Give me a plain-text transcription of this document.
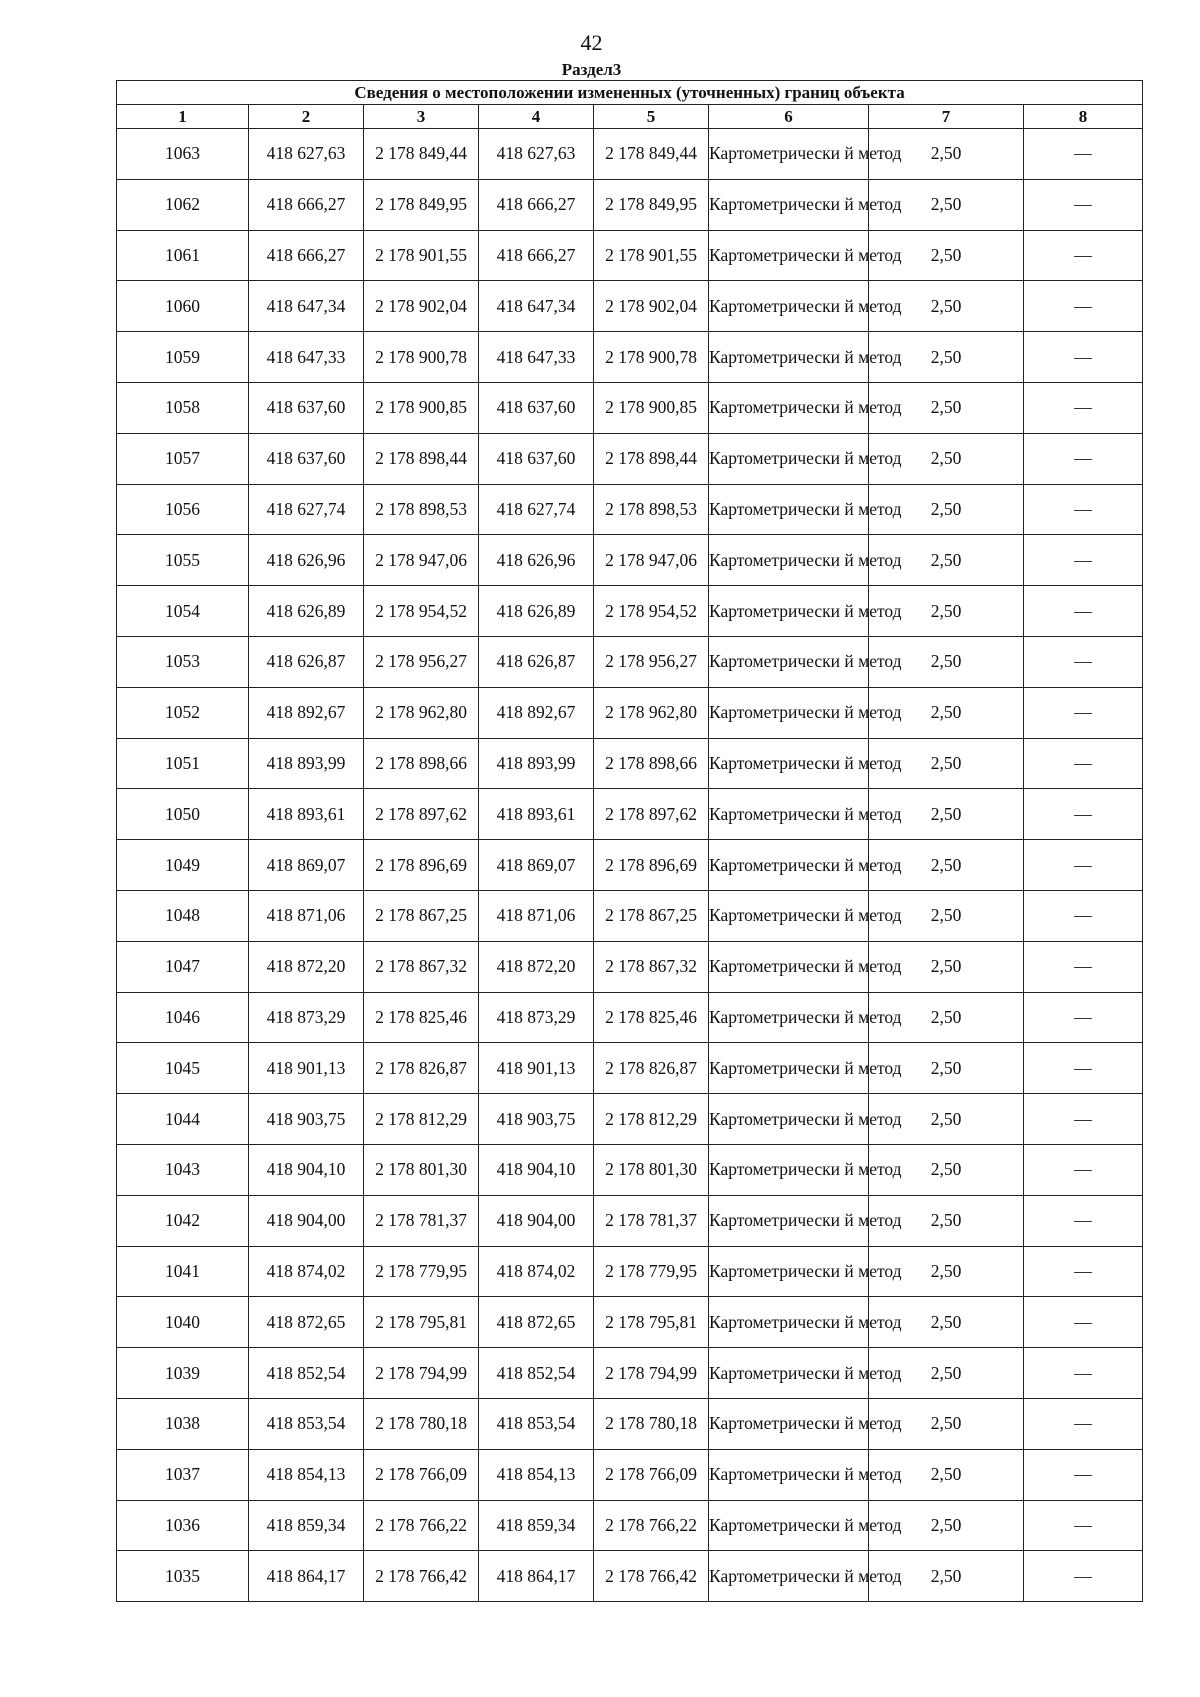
42
Раздел3
Сведения о местоположении измененных (уточненных) границ объекта							
1	2	3	4	5	6	7	8
1063	418 627,63	2 178 849,44	418 627,63	2 178 849,44	Картометрически й метод	2,50	—
1062	418 666,27	2 178 849,95	418 666,27	2 178 849,95	Картометрически й метод	2,50	—
1061	418 666,27	2 178 901,55	418 666,27	2 178 901,55	Картометрически й метод	2,50	—
1060	418 647,34	2 178 902,04	418 647,34	2 178 902,04	Картометрически й метод	2,50	—
1059	418 647,33	2 178 900,78	418 647,33	2 178 900,78	Картометрически й метод	2,50	—
1058	418 637,60	2 178 900,85	418 637,60	2 178 900,85	Картометрически й метод	2,50	—
1057	418 637,60	2 178 898,44	418 637,60	2 178 898,44	Картометрически й метод	2,50	—
1056	418 627,74	2 178 898,53	418 627,74	2 178 898,53	Картометрически й метод	2,50	—
1055	418 626,96	2 178 947,06	418 626,96	2 178 947,06	Картометрически й метод	2,50	—
1054	418 626,89	2 178 954,52	418 626,89	2 178 954,52	Картометрически й метод	2,50	—
1053	418 626,87	2 178 956,27	418 626,87	2 178 956,27	Картометрически й метод	2,50	—
1052	418 892,67	2 178 962,80	418 892,67	2 178 962,80	Картометрически й метод	2,50	—
1051	418 893,99	2 178 898,66	418 893,99	2 178 898,66	Картометрически й метод	2,50	—
1050	418 893,61	2 178 897,62	418 893,61	2 178 897,62	Картометрически й метод	2,50	—
1049	418 869,07	2 178 896,69	418 869,07	2 178 896,69	Картометрически й метод	2,50	—
1048	418 871,06	2 178 867,25	418 871,06	2 178 867,25	Картометрически й метод	2,50	—
1047	418 872,20	2 178 867,32	418 872,20	2 178 867,32	Картометрически й метод	2,50	—
1046	418 873,29	2 178 825,46	418 873,29	2 178 825,46	Картометрически й метод	2,50	—
1045	418 901,13	2 178 826,87	418 901,13	2 178 826,87	Картометрически й метод	2,50	—
1044	418 903,75	2 178 812,29	418 903,75	2 178 812,29	Картометрически й метод	2,50	—
1043	418 904,10	2 178 801,30	418 904,10	2 178 801,30	Картометрически й метод	2,50	—
1042	418 904,00	2 178 781,37	418 904,00	2 178 781,37	Картометрически й метод	2,50	—
1041	418 874,02	2 178 779,95	418 874,02	2 178 779,95	Картометрически й метод	2,50	—
1040	418 872,65	2 178 795,81	418 872,65	2 178 795,81	Картометрически й метод	2,50	—
1039	418 852,54	2 178 794,99	418 852,54	2 178 794,99	Картометрически й метод	2,50	—
1038	418 853,54	2 178 780,18	418 853,54	2 178 780,18	Картометрически й метод	2,50	—
1037	418 854,13	2 178 766,09	418 854,13	2 178 766,09	Картометрически й метод	2,50	—
1036	418 859,34	2 178 766,22	418 859,34	2 178 766,22	Картометрически й метод	2,50	—
1035	418 864,17	2 178 766,42	418 864,17	2 178 766,42	Картометрически й метод	2,50	—
